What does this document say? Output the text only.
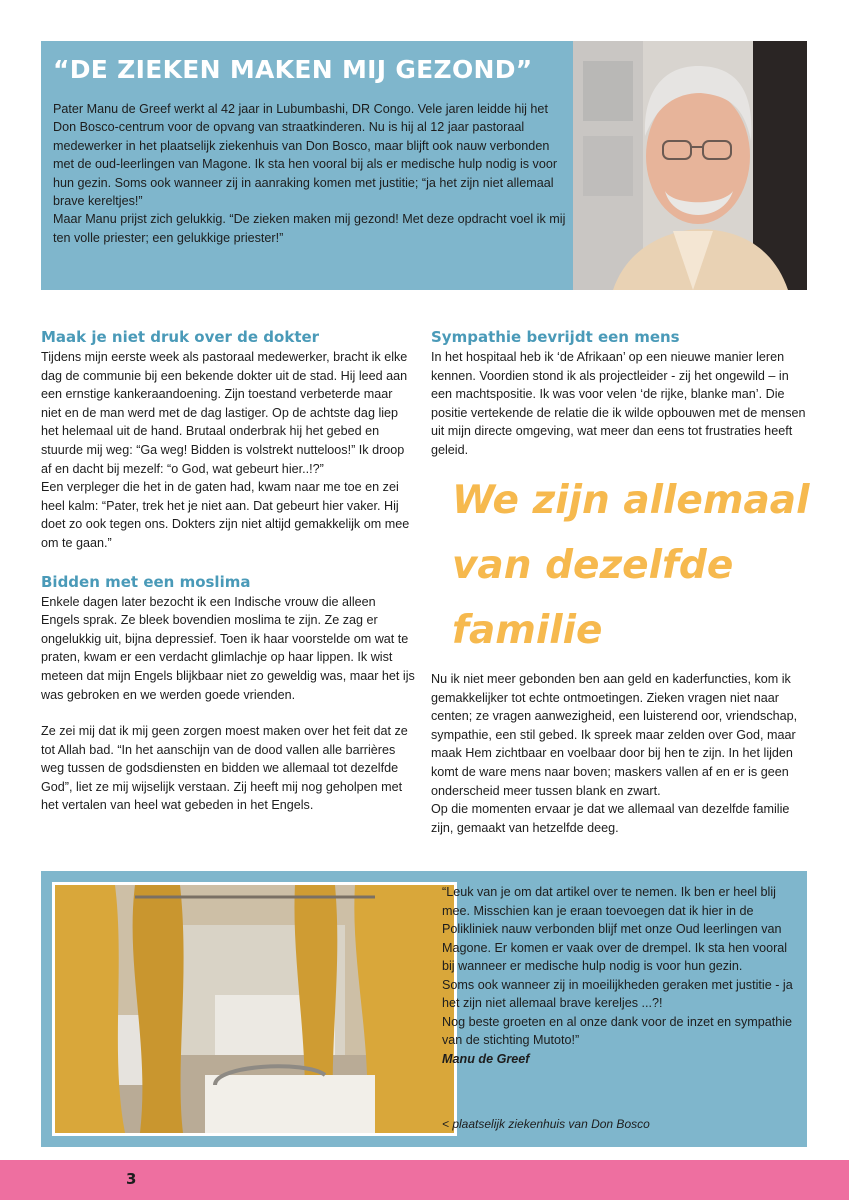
“DE ZIEKEN MAKEN MIJ GEZOND”

Pater Manu de Greef werkt al 42 jaar in Lubumbashi, DR Congo. Vele jaren leidde hij het Don Bosco-centrum voor de opvang van straatkinderen. Nu is hij al 12 jaar pastoraal medewerker in het plaatselijk ziekenhuis van Don Bosco, maar blijft ook nauw verbonden met de oud-leerlingen van Magone. Ik sta hen vooral bij als er medische hulp nodig is voor hun gezin. Soms ook wanneer zij in aanraking komen met justitie; “ja het zijn niet allemaal brave kereltjes!”

Maar Manu prijst zich gelukkig. “De zieken maken mij gezond! Met deze opdracht voel ik mij ten volle priester; een gelukkige priester!”

Maak je niet druk over de dokter

Tijdens mijn eerste week als pastoraal medewerker, bracht ik elke dag de communie bij een bekende dokter uit de stad. Hij leed aan een ernstige kankeraandoening. Zijn toestand verbeterde maar niet en de man werd met de dag lastiger. Op de achtste dag liep het helemaal uit de hand. Brutaal onderbrak hij het gebed en stuurde mij weg: “Ga weg! Bidden is volstrekt nutteloos!” Ik droop af en dacht bij mezelf: “o God, wat gebeurt hier..!?”

Een verpleger die het in de gaten had, kwam naar me toe en zei heel kalm: “Pater, trek het je niet aan. Dat gebeurt hier vaker. Hij doet zo ook tegen ons. Dokters zijn niet altijd gemakkelijk om mee om te gaan.”

Bidden met een moslima

Enkele dagen later bezocht ik een Indische vrouw die alleen Engels sprak. Ze bleek bovendien moslima te zijn. Ze zag er ongelukkig uit, bijna depressief. Toen ik haar voorstelde om wat te praten, kwam er een verdacht glimlachje op haar lippen. Ik wist meteen dat mijn Engels blijkbaar niet zo geweldig was, maar het ijs was gebroken en we werden goede vrienden.

Ze zei mij dat ik mij geen zorgen moest maken over het feit dat ze tot Allah bad. “In het aanschijn van de dood vallen alle barrières weg tussen de godsdiensten en bidden we allemaal tot dezelfde God”, liet ze mij wijselijk verstaan. Zij heeft mij nog geholpen met het vertalen van heel wat gebeden in het Engels.

Sympathie bevrijdt een mens

In het hospitaal heb ik ‘de Afrikaan’ op een nieuwe manier leren kennen. Voordien stond ik als projectleider - zij het ongewild – in een machtspositie. Ik was voor velen ‘de rijke, blanke man’. Die positie vertekende de relatie die ik wilde opbouwen met de mensen uit mijn directe omgeving, wat meer dan eens tot frustraties heeft geleid.

We zijn allemaal
van dezelfde
familie

Nu ik niet meer gebonden ben aan geld en kaderfuncties, kom ik gemakkelijker tot echte ontmoetingen. Zieken vragen niet naar centen; ze vragen aanwezigheid, een luisterend oor, vriendschap, sympathie, een stil gebed. Ik spreek maar zelden over God, maar maak Hem zichtbaar en voelbaar door bij hen te zijn. In het lijden komt de ware mens naar boven; maskers vallen af en er is geen onderscheid meer tussen blank en zwart.

Op die momenten ervaar je dat we allemaal van dezelfde familie zijn, gemaakt van hetzelfde deeg.

“Leuk van je om dat artikel over te nemen. Ik ben er heel blij mee. Misschien kan je eraan toevoegen dat ik hier in de Polikliniek nauw verbonden blijf met onze Oud leerlingen van Magone. Er komen er vaak over de drempel. Ik sta hen vooral bij wanneer er medische hulp nodig is voor hun gezin.

Soms ook wanneer zij in moeilijkheden geraken met justitie - ja het zijn niet allemaal brave kereljes ...?!

Nog beste groeten en al onze dank voor de inzet en sympathie van de stichting Mutoto!”

Manu de Greef

< plaatselijk ziekenhuis van Don Bosco
3
